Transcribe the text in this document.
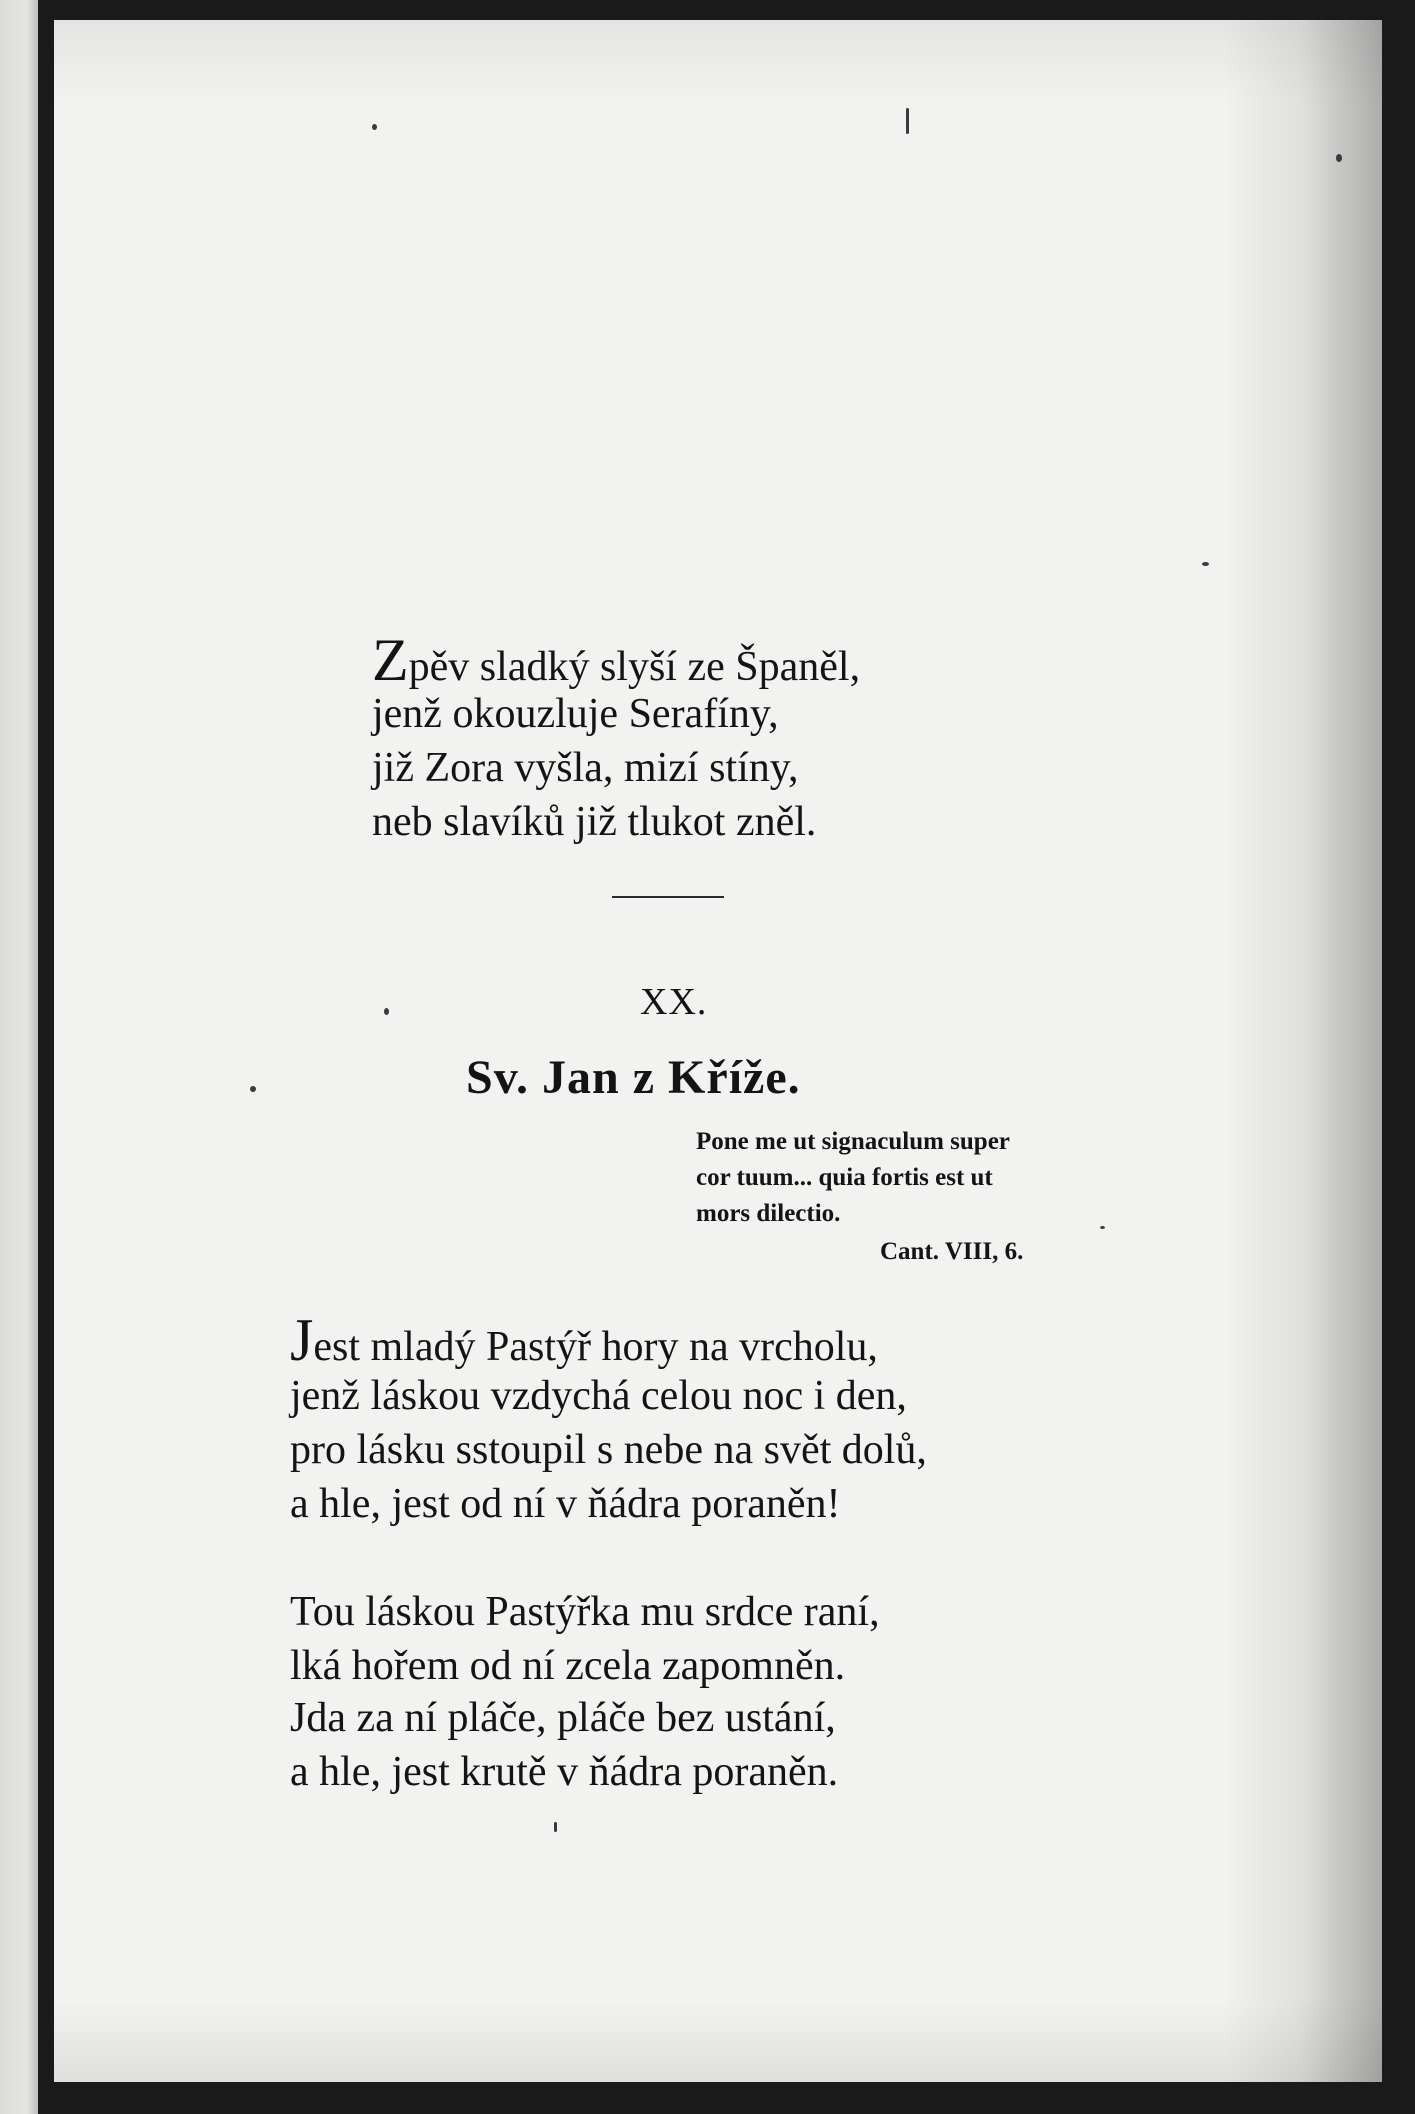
Zpěv sladký slyší ze Španěl,
jenž okouzluje Serafíny,
již Zora vyšla, mizí stíny,
neb slavíků již tlukot zněl.
XX.
Sv. Jan z Kříže.
Pone me ut signaculum super
cor tuum... quia fortis est ut
mors dilectio.
Cant. VIII, 6.
Jest mladý Pastýř hory na vrcholu,
jenž láskou vzdychá celou noc i den,
pro lásku sstoupil s nebe na svět dolů,
a hle, jest od ní v ňádra poraněn!
Tou láskou Pastýřka mu srdce raní,
lká hořem od ní zcela zapomněn.
Jda za ní pláče, pláče bez ustání,
a hle, jest krutě v ňádra poraněn.
